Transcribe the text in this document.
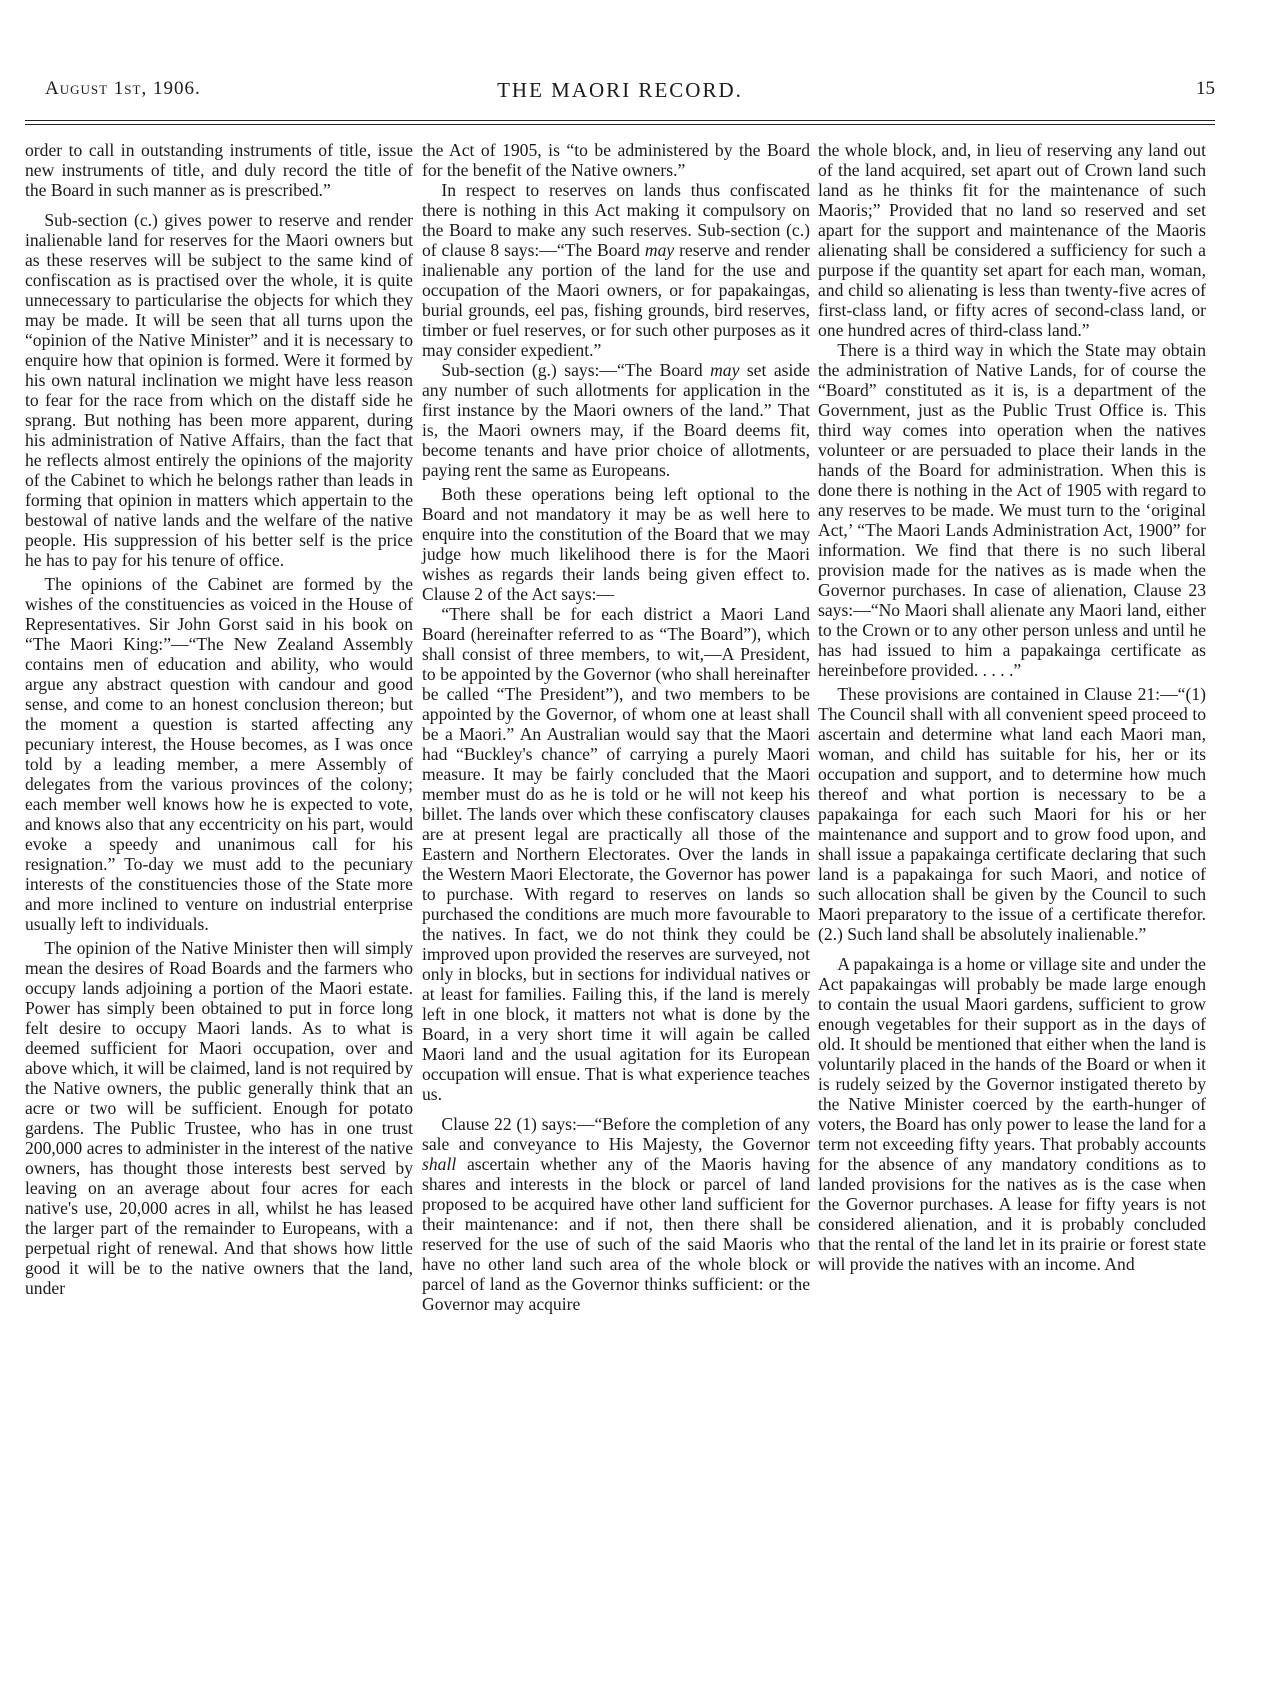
August 1st, 1906.	THE MAORI RECORD.	15

order to call in outstanding instruments of title, issue new instruments of title, and duly record the title of the Board in such manner as is prescribed.”

Sub-section (c.) gives power to reserve and render inalienable land for reserves for the Maori owners but as these reserves will be subject to the same kind of confiscation as is practised over the whole, it is quite unnecessary to particularise the objects for which they may be made. It will be seen that all turns upon the “opinion of the Native Minister” and it is necessary to enquire how that opinion is formed. Were it formed by his own natural inclination we might have less reason to fear for the race from which on the distaff side he sprang. But nothing has been more apparent, during his administration of Native Affairs, than the fact that he reflects almost entirely the opinions of the majority of the Cabinet to which he belongs rather than leads in forming that opinion in matters which appertain to the bestowal of native lands and the welfare of the native people. His suppression of his better self is the price he has to pay for his tenure of office.

The opinions of the Cabinet are formed by the wishes of the constituencies as voiced in the House of Representatives. Sir John Gorst said in his book on “The Maori King:”—“The New Zealand Assembly contains men of education and ability, who would argue any abstract question with candour and good sense, and come to an honest conclusion thereon; but the moment a question is started affecting any pecuniary interest, the House becomes, as I was once told by a leading member, a mere Assembly of delegates from the various provinces of the colony; each member well knows how he is expected to vote, and knows also that any eccentricity on his part, would evoke a speedy and unanimous call for his resignation.” To-day we must add to the pecuniary interests of the constituencies those of the State more and more inclined to venture on industrial enterprise usually left to individuals.

The opinion of the Native Minister then will simply mean the desires of Road Boards and the farmers who occupy lands adjoining a portion of the Maori estate. Power has simply been obtained to put in force long felt desire to occupy Maori lands. As to what is deemed sufficient for Maori occupation, over and above which, it will be claimed, land is not required by the Native owners, the public generally think that an acre or two will be sufficient. Enough for potato gardens. The Public Trustee, who has in one trust 200,000 acres to administer in the interest of the native owners, has thought those interests best served by leaving on an average about four acres for each native's use, 20,000 acres in all, whilst he has leased the larger part of the remainder to Europeans, with a perpetual right of renewal. And that shows how little good it will be to the native owners that the land, under

the Act of 1905, is “to be administered by the Board for the benefit of the Native owners.”

In respect to reserves on lands thus confiscated there is nothing in this Act making it compulsory on the Board to make any such reserves. Sub-section (c.) of clause 8 says:—“The Board may reserve and render inalienable any portion of the land for the use and occupation of the Maori owners, or for papakaingas, burial grounds, eel pas, fishing grounds, bird reserves, timber or fuel reserves, or for such other purposes as it may consider expedient.”

Sub-section (g.) says:—“The Board may set aside any number of such allotments for application in the first instance by the Maori owners of the land.” That is, the Maori owners may, if the Board deems fit, become tenants and have prior choice of allotments, paying rent the same as Europeans.

Both these operations being left optional to the Board and not mandatory it may be as well here to enquire into the constitution of the Board that we may judge how much likelihood there is for the Maori wishes as regards their lands being given effect to. Clause 2 of the Act says:—

“There shall be for each district a Maori Land Board (hereinafter referred to as “The Board”), which shall consist of three members, to wit,—A President, to be appointed by the Governor (who shall hereinafter be called “The President”), and two members to be appointed by the Governor, of whom one at least shall be a Maori.” An Australian would say that the Maori had “Buckley's chance” of carrying a purely Maori measure. It may be fairly concluded that the Maori member must do as he is told or he will not keep his billet. The lands over which these confiscatory clauses are at present legal are practically all those of the Eastern and Northern Electorates. Over the lands in the Western Maori Electorate, the Governor has power to purchase. With regard to reserves on lands so purchased the conditions are much more favourable to the natives. In fact, we do not think they could be improved upon provided the reserves are surveyed, not only in blocks, but in sections for individual natives or at least for families. Failing this, if the land is merely left in one block, it matters not what is done by the Board, in a very short time it will again be called Maori land and the usual agitation for its European occupation will ensue. That is what experience teaches us.

Clause 22 (1) says:—“Before the completion of any sale and conveyance to His Majesty, the Governor shall ascertain whether any of the Maoris having shares and interests in the block or parcel of land proposed to be acquired have other land sufficient for their maintenance: and if not, then there shall be reserved for the use of such of the said Maoris who have no other land such area of the whole block or parcel of land as the Governor thinks sufficient: or the Governor may acquire

the whole block, and, in lieu of reserving any land out of the land acquired, set apart out of Crown land such land as he thinks fit for the maintenance of such Maoris;” Provided that no land so reserved and set apart for the support and maintenance of the Maoris alienating shall be considered a sufficiency for such a purpose if the quantity set apart for each man, woman, and child so alienating is less than twenty-five acres of first-class land, or fifty acres of second-class land, or one hundred acres of third-class land.”

There is a third way in which the State may obtain the administration of Native Lands, for of course the “Board” constituted as it is, is a department of the Government, just as the Public Trust Office is. This third way comes into operation when the natives volunteer or are persuaded to place their lands in the hands of the Board for administration. When this is done there is nothing in the Act of 1905 with regard to any reserves to be made. We must turn to the ‘original Act,’ “The Maori Lands Administration Act, 1900” for information. We find that there is no such liberal provision made for the natives as is made when the Governor purchases. In case of alienation, Clause 23 says:—“No Maori shall alienate any Maori land, either to the Crown or to any other person unless and until he has had issued to him a papakainga certificate as hereinbefore provided. . . . .”

These provisions are contained in Clause 21:—“(1) The Council shall with all convenient speed proceed to ascertain and determine what land each Maori man, woman, and child has suitable for his, her or its occupation and support, and to determine how much thereof and what portion is necessary to be a papakainga for each such Maori for his or her maintenance and support and to grow food upon, and shall issue a papakainga certificate declaring that such land is a papakainga for such Maori, and notice of such allocation shall be given by the Council to such Maori preparatory to the issue of a certificate therefor. (2.) Such land shall be absolutely inalienable.”

A papakainga is a home or village site and under the Act papakaingas will probably be made large enough to contain the usual Maori gardens, sufficient to grow enough vegetables for their support as in the days of old. It should be mentioned that either when the land is voluntarily placed in the hands of the Board or when it is rudely seized by the Governor instigated thereto by the Native Minister coerced by the earth-hunger of voters, the Board has only power to lease the land for a term not exceeding fifty years. That probably accounts for the absence of any mandatory conditions as to landed provisions for the natives as is the case when the Governor purchases. A lease for fifty years is not considered alienation, and it is probably concluded that the rental of the land let in its prairie or forest state will provide the natives with an income. And
